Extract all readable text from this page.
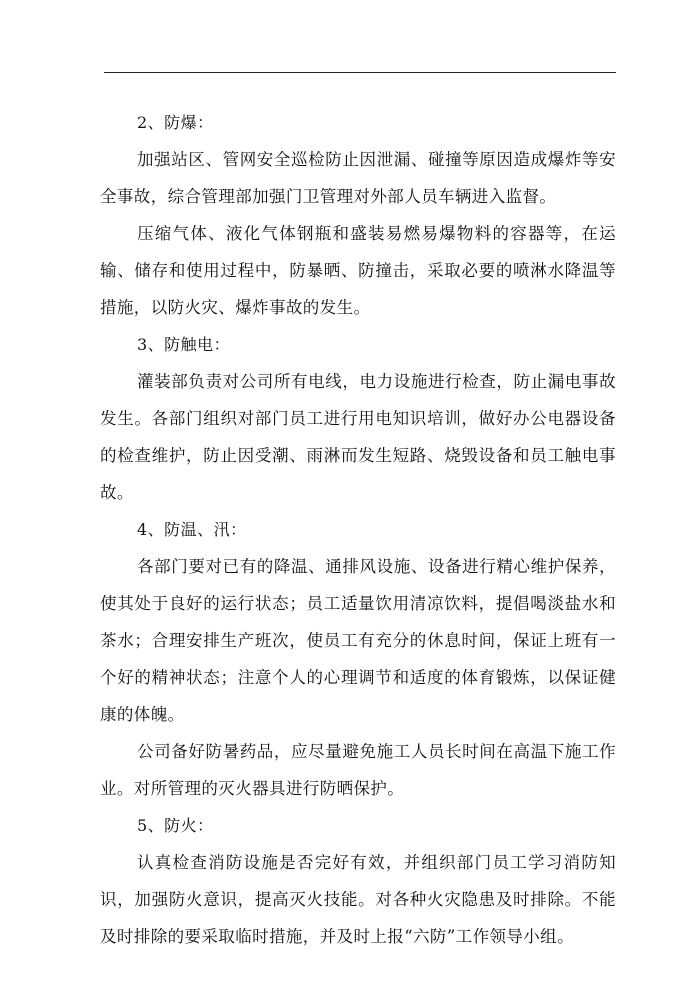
2、防爆：

加强站区、管网安全巡检防止因泄漏、碰撞等原因造成爆炸等安全事故，综合管理部加强门卫管理对外部人员车辆进入监督。

压缩气体、液化气体钢瓶和盛装易燃易爆物料的容器等，在运输、储存和使用过程中，防暴晒、防撞击，采取必要的喷淋水降温等措施，以防火灾、爆炸事故的发生。

3、防触电：

灌装部负责对公司所有电线，电力设施进行检查，防止漏电事故发生。各部门组织对部门员工进行用电知识培训，做好办公电器设备的检查维护，防止因受潮、雨淋而发生短路、烧毁设备和员工触电事故。

4、防温、汛：

各部门要对已有的降温、通排风设施、设备进行精心维护保养，使其处于良好的运行状态；员工适量饮用清凉饮料，提倡喝淡盐水和茶水；合理安排生产班次，使员工有充分的休息时间，保证上班有一个好的精神状态；注意个人的心理调节和适度的体育锻炼，以保证健康的体魄。

公司备好防暑药品，应尽量避免施工人员长时间在高温下施工作业。对所管理的灭火器具进行防晒保护。

5、防火：

认真检查消防设施是否完好有效，并组织部门员工学习消防知识，加强防火意识，提高灭火技能。对各种火灾隐患及时排除。不能及时排除的要采取临时措施，并及时上报“六防”工作领导小组。
